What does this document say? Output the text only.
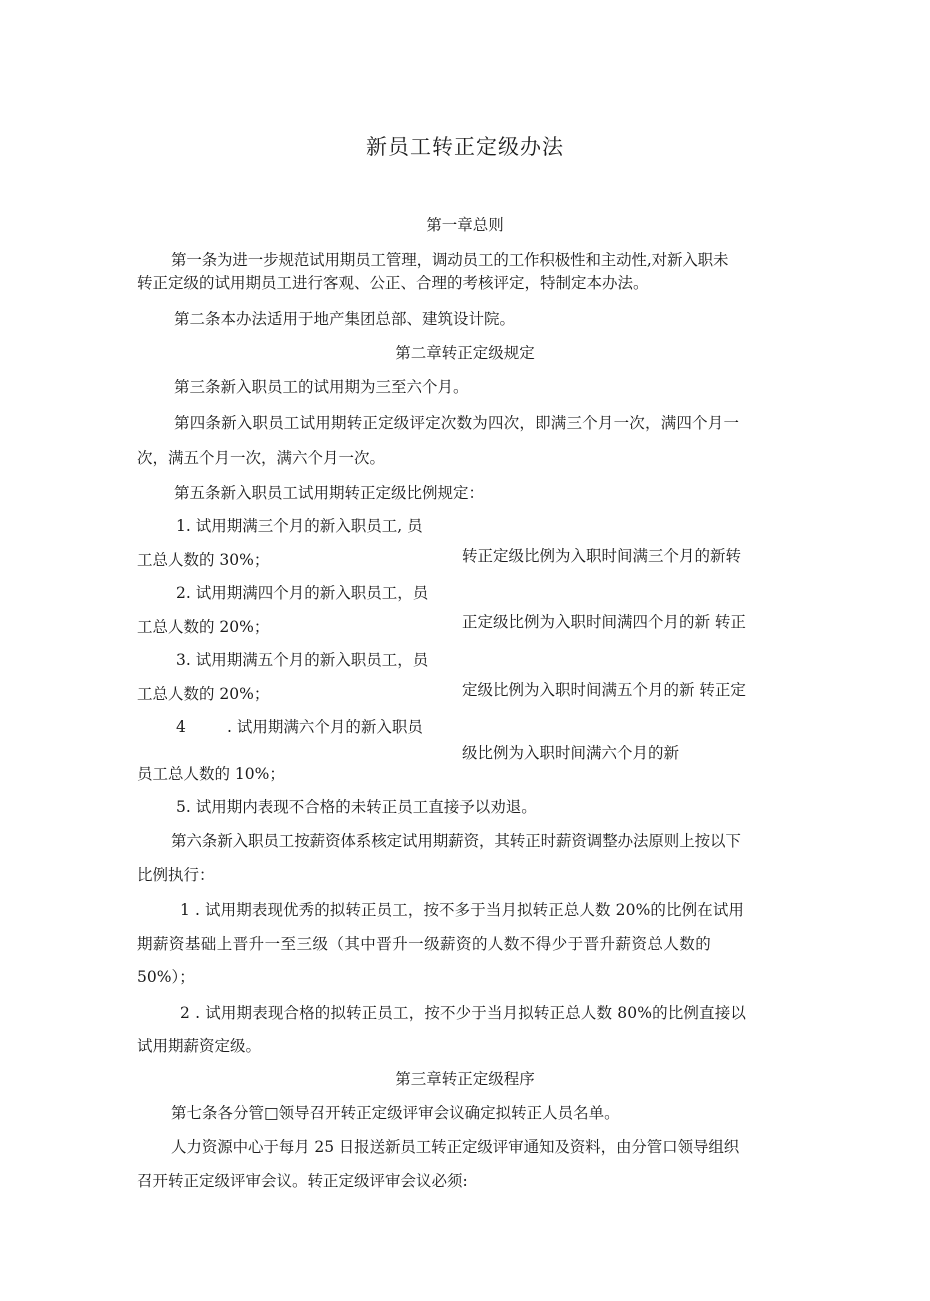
新员工转正定级办法
第一章总则
第一条为进一步规范试用期员工管理，调动员工的工作积极性和主动性,对新入职未
转正定级的试用期员工进行客观、公正、合理的考核评定，特制定本办法。
第二条本办法适用于地产集团总部、建筑设计院。
第二章转正定级规定
第三条新入职员工的试用期为三至六个月。
第四条新入职员工试用期转正定级评定次数为四次，即满三个月一次，满四个月一
次，满五个月一次，满六个月一次。
第五条新入职员工试用期转正定级比例规定：
1. 试用期满三个月的新入职员工, 员
转正定级比例为入职时间满三个月的新转
工总人数的 30%；
2. 试用期满四个月的新入职员工，员
正定级比例为入职时间满四个月的新 转正
工总人数的 20%；
3. 试用期满五个月的新入职员工，员
定级比例为入职时间满五个月的新 转正定
工总人数的 20%；
4	. 试用期满六个月的新入职员
级比例为入职时间满六个月的新
员工总人数的 10%；
5. 试用期内表现不合格的未转正员工直接予以劝退。
第六条新入职员工按薪资体系核定试用期薪资，其转正时薪资调整办法原则上按以下
比例执行：
1 . 试用期表现优秀的拟转正员工，按不多于当月拟转正总人数 20%的比例在试用
期薪资基础上晋升一至三级（其中晋升一级薪资的人数不得少于晋升薪资总人数的
50%）；
2 . 试用期表现合格的拟转正员工，按不少于当月拟转正总人数 80%的比例直接以
试用期薪资定级。
第三章转正定级程序
第七条各分管□领导召开转正定级评审会议确定拟转正人员名单。
人力资源中心于每月 25 日报送新员工转正定级评审通知及资料，由分管口领导组织
召开转正定级评审会议。转正定级评审会议必须:
